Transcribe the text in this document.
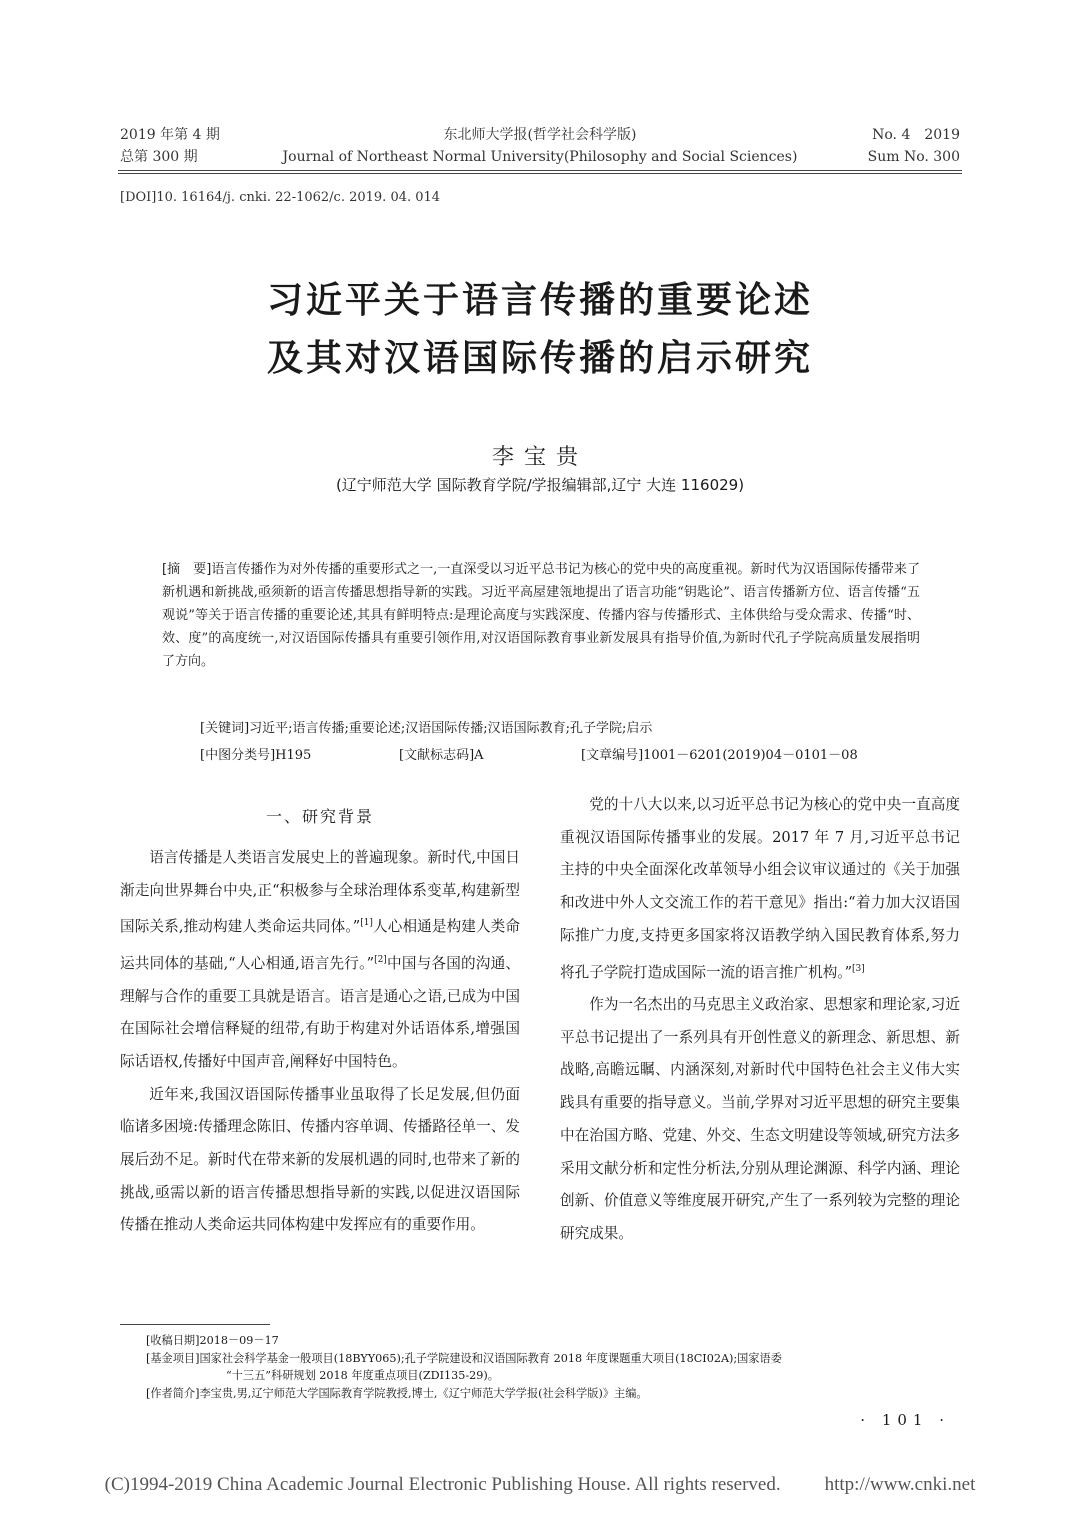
2019 年第 4 期
总第 300 期
东北师大学报(哲学社会科学版)
Journal of Northeast Normal University(Philosophy and Social Sciences)
No. 4　2019
Sum No. 300
[DOI]10. 16164/j. cnki. 22-1062/c. 2019. 04. 014
习近平关于语言传播的重要论述
及其对汉语国际传播的启示研究
李宝贵
(辽宁师范大学 国际教育学院/学报编辑部,辽宁 大连 116029)
[摘　要]语言传播作为对外传播的重要形式之一,一直深受以习近平总书记为核心的党中央的高度重视。新时代为汉语国际传播带来了新机遇和新挑战,亟须新的语言传播思想指导新的实践。习近平高屋建瓴地提出了语言功能“钥匙论”、语言传播新方位、语言传播“五观说”等关于语言传播的重要论述,其具有鲜明特点:是理论高度与实践深度、传播内容与传播形式、主体供给与受众需求、传播“时、效、度”的高度统一,对汉语国际传播具有重要引领作用,对汉语国际教育事业新发展具有指导价值,为新时代孔子学院高质量发展指明了方向。
[关键词]习近平;语言传播;重要论述;汉语国际传播;汉语国际教育;孔子学院;启示
[中图分类号]H195	[文献标志码]A	[文章编号]1001－6201(2019)04－0101－08
一、研究背景

语言传播是人类语言发展史上的普遍现象。新时代,中国日渐走向世界舞台中央,正“积极参与全球治理体系变革,构建新型国际关系,推动构建人类命运共同体。”[1]人心相通是构建人类命运共同体的基础,“人心相通,语言先行。”[2]中国与各国的沟通、理解与合作的重要工具就是语言。语言是通心之语,已成为中国在国际社会增信释疑的纽带,有助于构建对外话语体系,增强国际话语权,传播好中国声音,阐释好中国特色。

近年来,我国汉语国际传播事业虽取得了长足发展,但仍面临诸多困境:传播理念陈旧、传播内容单调、传播路径单一、发展后劲不足。新时代在带来新的发展机遇的同时,也带来了新的挑战,亟需以新的语言传播思想指导新的实践,以促进汉语国际传播在推动人类命运共同体构建中发挥应有的重要作用。

党的十八大以来,以习近平总书记为核心的党中央一直高度重视汉语国际传播事业的发展。2017 年 7 月,习近平总书记主持的中央全面深化改革领导小组会议审议通过的《关于加强和改进中外人文交流工作的若干意见》指出:“着力加大汉语国际推广力度,支持更多国家将汉语教学纳入国民教育体系,努力将孔子学院打造成国际一流的语言推广机构。”[3]

作为一名杰出的马克思主义政治家、思想家和理论家,习近平总书记提出了一系列具有开创性意义的新理念、新思想、新战略,高瞻远瞩、内涵深刻,对新时代中国特色社会主义伟大实践具有重要的指导意义。当前,学界对习近平思想的研究主要集中在治国方略、党建、外交、生态文明建设等领域,研究方法多采用文献分析和定性分析法,分别从理论渊源、科学内涵、理论创新、价值意义等维度展开研究,产生了一系列较为完整的理论研究成果。

[收稿日期]2018－09－17
[基金项目]国家社会科学基金一般项目(18BYY065);孔子学院建设和汉语国际教育 2018 年度课题重大项目(18CI02A);国家语委
“十三五”科研规划 2018 年度重点项目(ZDI135-29)。
[作者简介]李宝贵,男,辽宁师范大学国际教育学院教授,博士,《辽宁师范大学学报(社会科学版)》主编。
· 101 ·
(C)1994-2019 China Academic Journal Electronic Publishing House. All rights reserved. http://www.cnki.net
